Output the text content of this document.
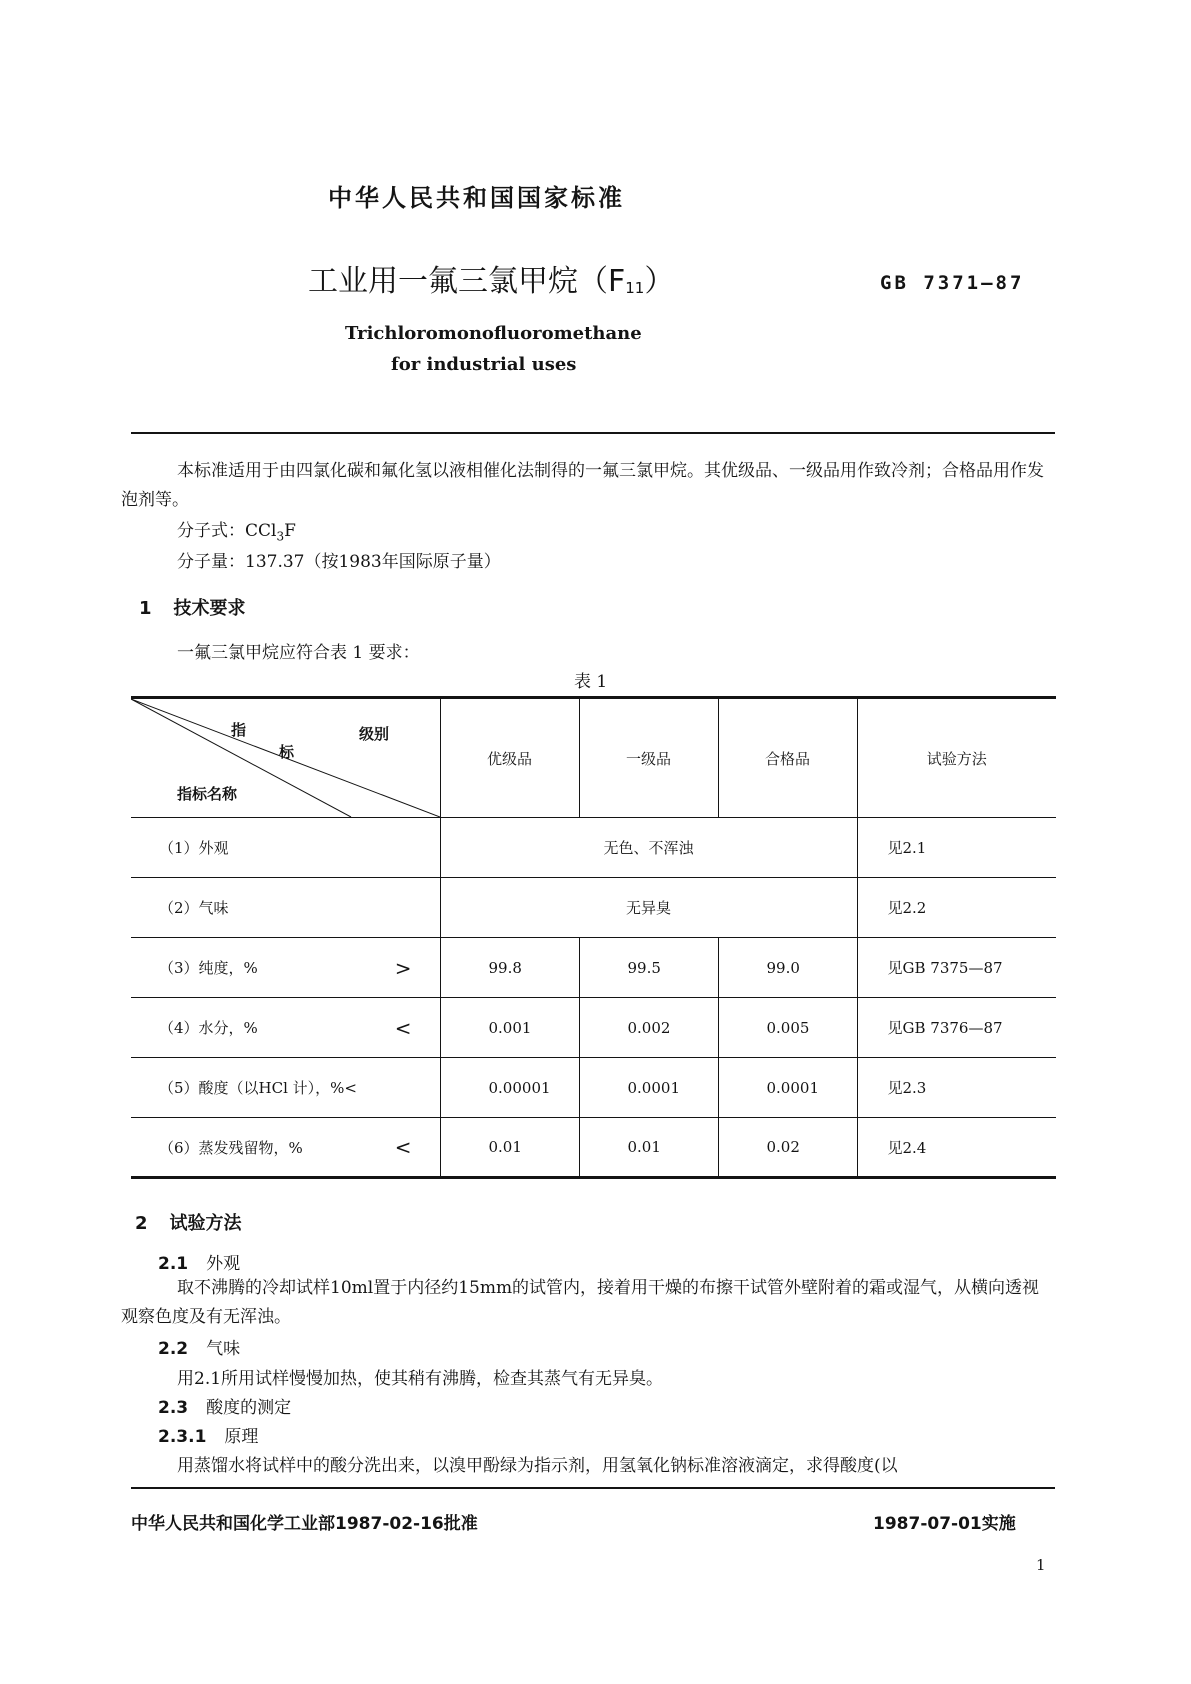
中华人民共和国国家标准
工业用一氟三氯甲烷$(F_{11})$	GB 7371—87
Trichloromonofluoromethane
for industrial uses
本标准适用于由四氯化碳和氟化氢以液相催化法制得的一氟三氯甲烷。其优级品、一级品用作致冷剂；合格品用作发泡剂等。
分子式：CCl$_3$F
分子量：137.37（按1983年国际原子量）
1 技术要求
一氟三氯甲烷应符合表 1 要求：
表 1
指
标
级别
指标名称	优级品	一级品	合格品	试验方法
（1）外观	无色、不浑浊			见2.1
（2）气味	无异臭			见2.2
（3）纯度，% >	99.8	99.5	99.0	见GB 7375—87
（4）水分，% <	0.001	0.002	0.005	见GB 7376—87
（5）酸度（以HCl 计），%<	0.00001	0.0001	0.0001	见2.3
（6）蒸发残留物，% <	0.01	0.01	0.02	见2.4
2 试验方法
2.1 外观
取不沸腾的冷却试样10ml置于内径约15mm的试管内，接着用干燥的布擦干试管外壁附着的霜或湿气，从横向透视观察色度及有无浑浊。
2.2 气味
用2.1所用试样慢慢加热，使其稍有沸腾，检查其蒸气有无异臭。
2.3 酸度的测定
2.3.1 原理
用蒸馏水将试样中的酸分洗出来，以溴甲酚绿为指示剂，用氢氧化钠标准溶液滴定，求得酸度(以
中华人民共和国化学工业部1987-02-16批准	1987-07-01实施
1
